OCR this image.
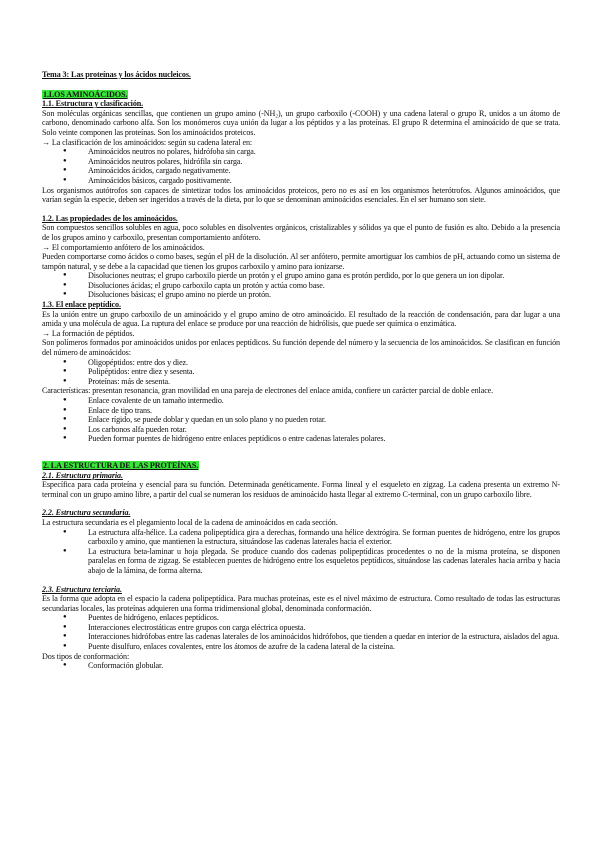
Tema 3: Las proteínas y los ácidos nucleicos.
1.LOS AMINOÁCIDOS.
1.1. Estructura y clasificación.

Son moléculas orgánicas sencillas, que contienen un grupo amino (-NH₂), un grupo carboxilo (-COOH) y una cadena lateral o grupo R, unidos a un átomo de carbono, denominado carbono alfa. Son los monómeros cuya unión da lugar a los péptidos y a las proteínas. El grupo R determina el aminoácido de que se trata. Solo veinte componen las proteínas. Son los aminoácidos proteicos.

→ La clasificación de los aminoácidos: según su cadena lateral en:

● Aminoácidos neutros no polares, hidrófoba sin carga.
● Aminoácidos neutros polares, hidrófila sin carga.
● Aminoácidos ácidos, cargado negativamente.
● Aminoácidos básicos, cargado positivamente.

Los organismos autótrofos son capaces de sintetizar todos los aminoácidos proteicos, pero no es así en los organismos heterótrofos. Algunos aminoácidos, que varían según la especie, deben ser ingeridos a través de la dieta, por lo que se denominan aminoácidos esenciales. En el ser humano son siete.

1.2. Las propiedades de los aminoácidos.

Son compuestos sencillos solubles en agua, poco solubles en disolventes orgánicos, cristalizables y sólidos ya que el punto de fusión es alto. Debido a la presencia de los grupos amino y carboxilo, presentan comportamiento anfótero.

→ El comportamiento anfótero de los aminoácidos.

Pueden comportarse como ácidos o como bases, según el pH de la disolución. Al ser anfótero, permite amortiguar los cambios de pH, actuando como un sistema de tampón natural, y se debe a la capacidad que tienen los grupos carboxilo y amino para ionizarse.

● Disoluciones neutras; el grupo carboxilo pierde un protón y el grupo amino gana es protón perdido, por lo que genera un ion dipolar.
● Disoluciones ácidas; el grupo carboxilo capta un protón y actúa como base.
● Disoluciones básicas; el grupo amino no pierde un protón.
1.3. El enlace peptídico.

Es la unión entre un grupo carboxilo de un aminoácido y el grupo amino de otro aminoácido. El resultado de la reacción de condensación, para dar lugar a una amida y una molécula de agua. La ruptura del enlace se produce por una reacción de hidrólisis, que puede ser química o enzimática.

→ La formación de péptidos.

Son polímeros formados por aminoácidos unidos por enlaces peptídicos. Su función depende del número y la secuencia de los aminoácidos. Se clasifican en función del número de aminoácidos:

● Oligopéptidos: entre dos y diez.
● Polipéptidos: entre diez y sesenta.
● Proteínas: más de sesenta.

Características: presentan resonancia, gran movilidad en una pareja de electrones del enlace amida, confiere un carácter parcial de doble enlace.

● Enlace covalente de un tamaño intermedio.
● Enlace de tipo trans.
● Enlace rígido, se puede doblar y quedan en un solo plano y no pueden rotar.
● Los carbonos alfa pueden rotar.
● Pueden formar puentes de hidrógeno entre enlaces peptídicos o entre cadenas laterales polares.
2. LA ESTRUCTURA DE LAS PROTEÍNAS.
2.1. Estructura primaria.

Específica para cada proteína y esencial para su función. Determinada genéticamente. Forma lineal y el esqueleto en zigzag. La cadena presenta un extremo N-terminal con un grupo amino libre, a partir del cual se numeran los residuos de aminoácido hasta llegar al extremo C-terminal, con un grupo carboxilo libre.

2.2. Estructura secundaria.

La estructura secundaria es el plegamiento local de la cadena de aminoácidos en cada sección.

● La estructura alfa-hélice. La cadena polipeptídica gira a derechas, formando una hélice dextrógira. Se forman puentes de hidrógeno, entre los grupos carboxilo y amino, que mantienen la estructura, situándose las cadenas laterales hacia el exterior.
● La estructura beta-laminar u hoja plegada. Se produce cuando dos cadenas polipeptídicas procedentes o no de la misma proteína, se disponen paralelas en forma de zigzag. Se establecen puentes de hidrógeno entre los esqueletos peptídicos, situándose las cadenas laterales hacia arriba y hacia abajo de la lámina, de forma alterna.
2.3. Estructura terciaria.

Es la forma que adopta en el espacio la cadena polipeptídica. Para muchas proteínas, este es el nivel máximo de estructura. Como resultado de todas las estructuras secundarias locales, las proteínas adquieren una forma tridimensional global, denominada conformación.

● Puentes de hidrógeno, enlaces peptídicos.
● Interacciones electrostáticas entre grupos con carga eléctrica opuesta.
● Interacciones hidrófobas entre las cadenas laterales de los aminoácidos hidrófobos, que tienden a quedar en interior de la estructura, aislados del agua.
● Puente disulfuro, enlaces covalentes, entre los átomos de azufre de la cadena lateral de la cisteína.

Dos tipos de conformación:

● Conformación globular.
